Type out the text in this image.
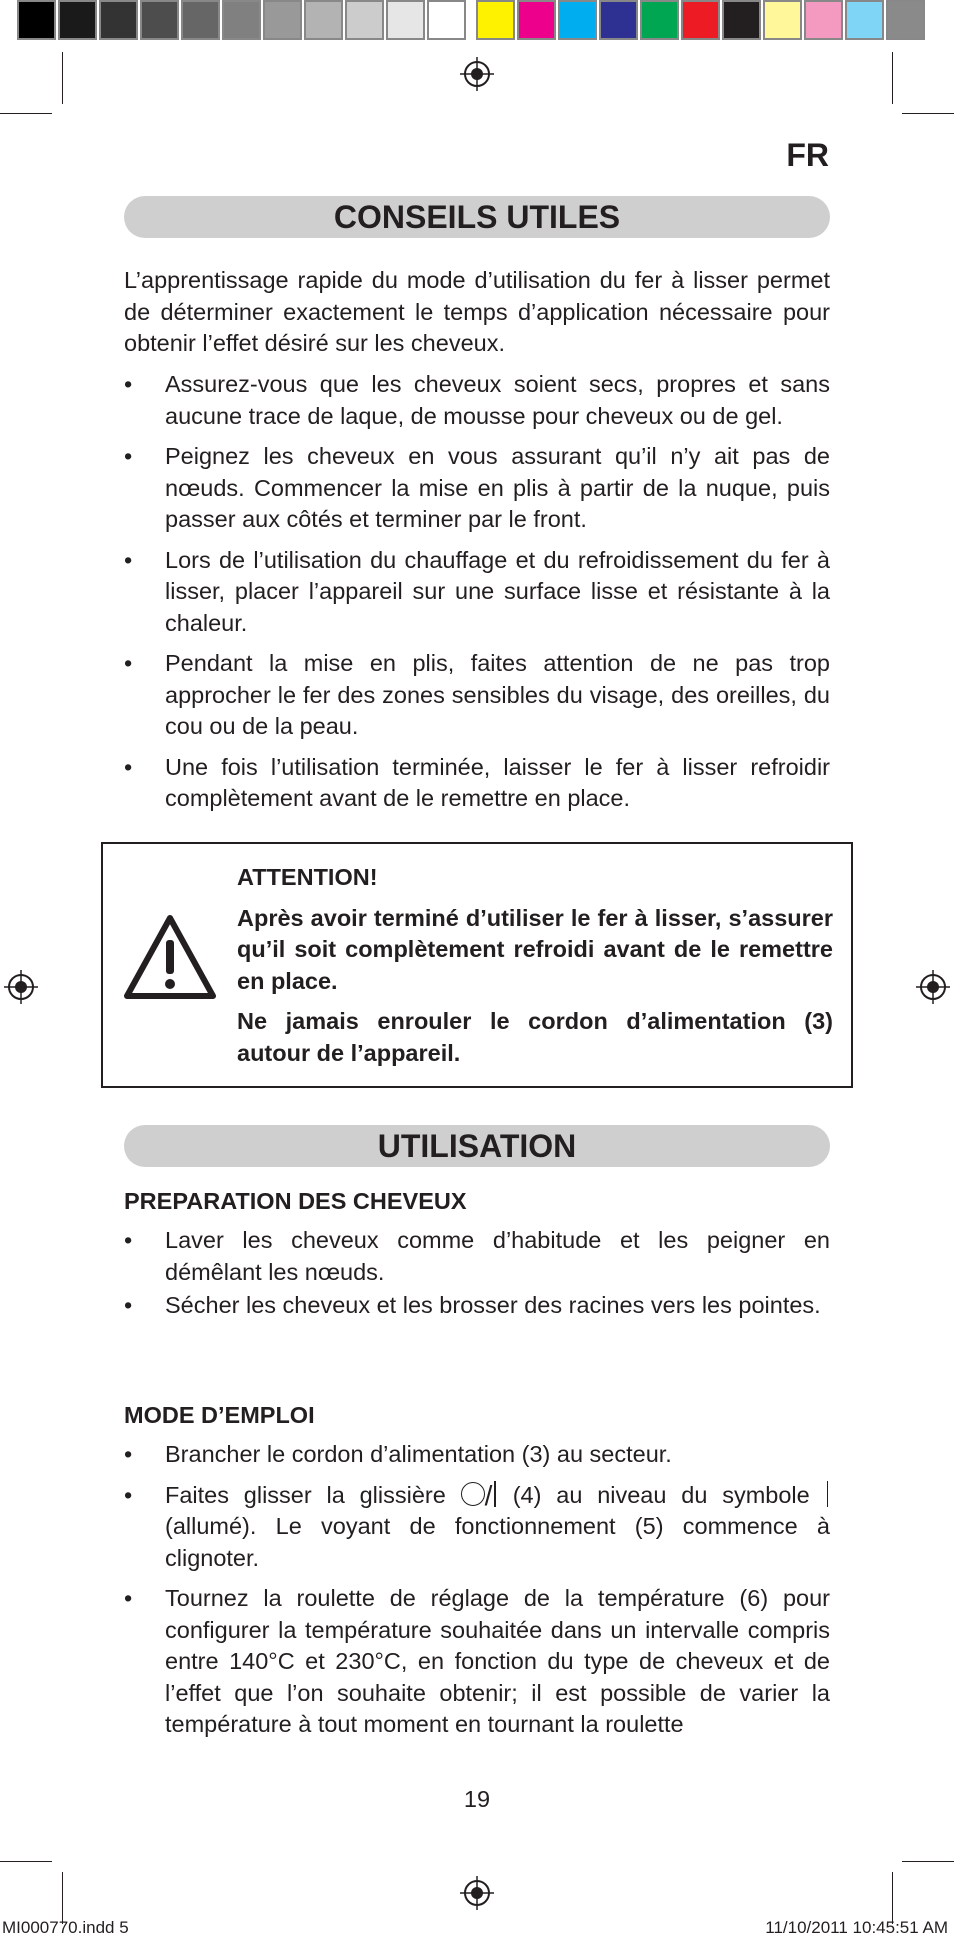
FR
CONSEILS UTILES
L’apprentissage rapide du mode d’utilisation du fer à lisser permet de déterminer exactement le temps d’application nécessaire pour obtenir l’effet désiré sur les cheveux.
• Assurez-vous que les cheveux soient secs, propres et sans aucune trace de laque, de mousse pour cheveux ou de gel.
• Peignez les cheveux en vous assurant qu’il n’y ait pas de nœuds. Commencer la mise en plis à partir de la nuque, puis passer aux côtés et terminer par le front.
• Lors de l’utilisation du chauffage et du refroidissement du fer à lisser, placer l’appareil sur une surface lisse et résistante à la chaleur.
• Pendant la mise en plis, faites attention de ne pas trop approcher le fer des zones sensibles du visage, des oreilles, du cou ou de la peau.
• Une fois l’utilisation terminée, laisser le fer à lisser refroidir complètement avant de le remettre en place.

ATTENTION!

Après avoir terminé d’utiliser le fer à lisser, s’assurer qu’il soit complètement refroidi avant de le remettre en place.

Ne jamais enrouler le cordon d’alimentation (3) autour de l’appareil.

UTILISATION
PREPARATION DES CHEVEUX
• Laver les cheveux comme d’habitude et les peigner en démêlant les nœuds.
• Sécher les cheveux et les brosser des racines vers les pointes.
MODE D’EMPLOI
• Brancher le cordon d’alimentation (3) au secteur.
• Faites glisser la glissière / (4) au niveau du symbole  (allumé). Le voyant de fonctionnement (5) commence à clignoter.
• Tournez la roulette de réglage de la température (6) pour configurer la température souhaitée dans un intervalle compris entre 140°C et 230°C, en fonction du type de cheveux et de l’effet que l’on souhaite obtenir; il est possible de varier la température à tout moment en tournant la roulette
19
MI000770.indd 5	11/10/2011 10:45:51 AM
